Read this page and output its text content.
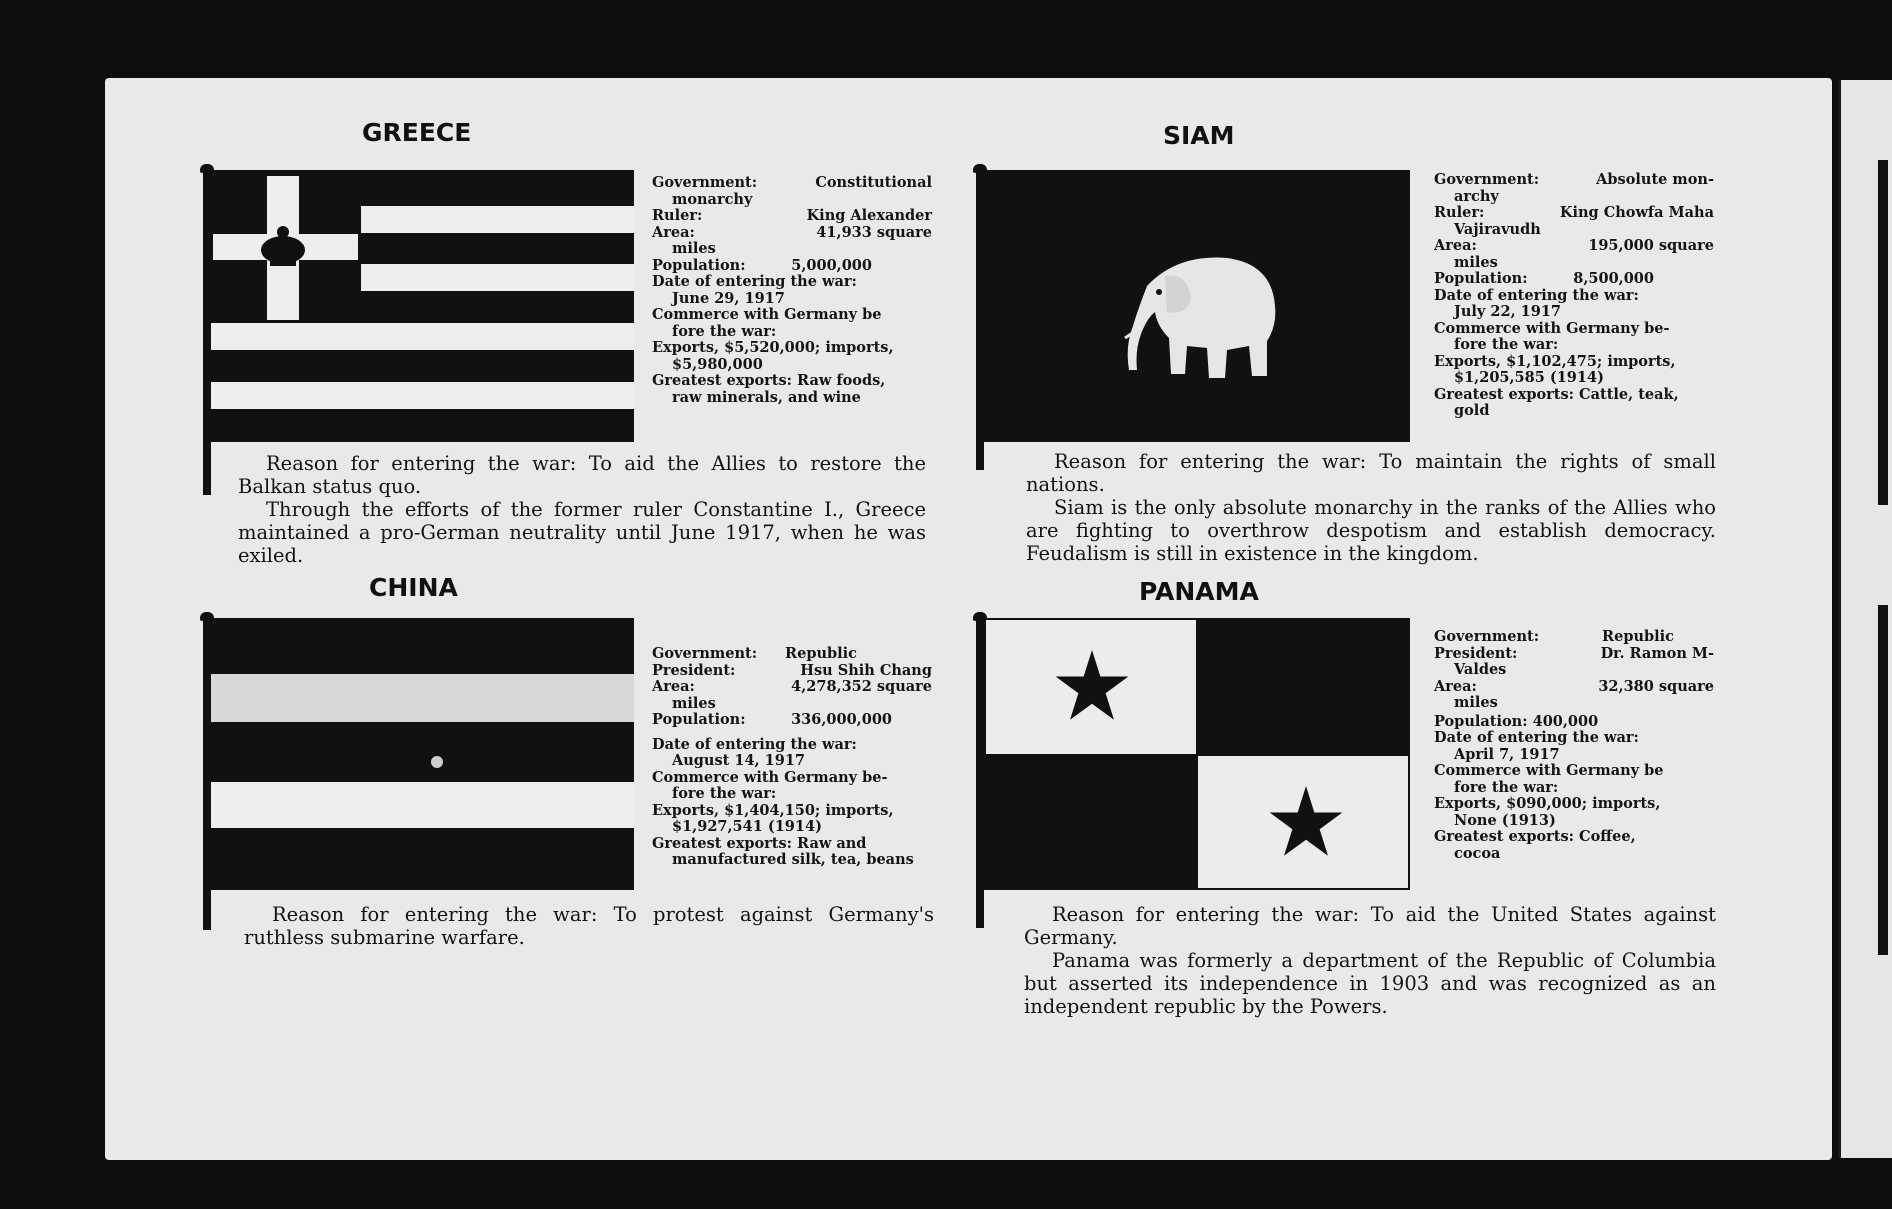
GREECE
Government:	Constitutional
monarchy
Ruler:	King Alexander
Area:	41,933 square
miles
Population:	5,000,000
Date of entering the war:
June 29, 1917
Commerce with Germany be
fore the war:
Exports, $5,520,000; imports,
$5,980,000
Greatest exports: Raw foods,
raw minerals, and wine

Reason for entering the war: To aid the Allies to restore the Balkan status quo.

Through the efforts of the former ruler Constantine I., Greece maintained a pro-German neutrality until June 1917, when he was exiled.

SIAM
Government:	Absolute mon-
archy
Ruler:	King Chowfa Maha
Vajiravudh
Area:	195,000 square
miles
Population:	8,500,000
Date of entering the war:
July 22, 1917
Commerce with Germany be-
fore the war:
Exports, $1,102,475; imports,
$1,205,585 (1914)
Greatest exports: Cattle, teak,
gold

Reason for entering the war: To maintain the rights of small nations.

Siam is the only absolute monarchy in the ranks of the Allies who are fighting to overthrow despotism and establish democracy. Feudalism is still in existence in the kingdom.

CHINA
Government: Republic
President:	Hsu Shih Chang
Area:	4,278,352 square
miles
Population:	336,000,000
Date of entering the war:
August 14, 1917
Commerce with Germany be-
fore the war:
Exports, $1,404,150; imports,
$1,927,541 (1914)
Greatest exports: Raw and
manufactured silk, tea, beans

Reason for entering the war: To protest against Germany's ruthless submarine warfare.

PANAMA
Government:	Republic
President:	Dr. Ramon M-
Valdes
Area:	32,380 square
miles
Population: 400,000
Date of entering the war:
April 7, 1917
Commerce with Germany be
fore the war:
Exports, $090,000; imports,
None (1913)
Greatest exports: Coffee,
cocoa

Reason for entering the war: To aid the United States against Germany.

Panama was formerly a department of the Republic of Columbia but asserted its independence in 1903 and was recognized as an independent republic by the Powers.
